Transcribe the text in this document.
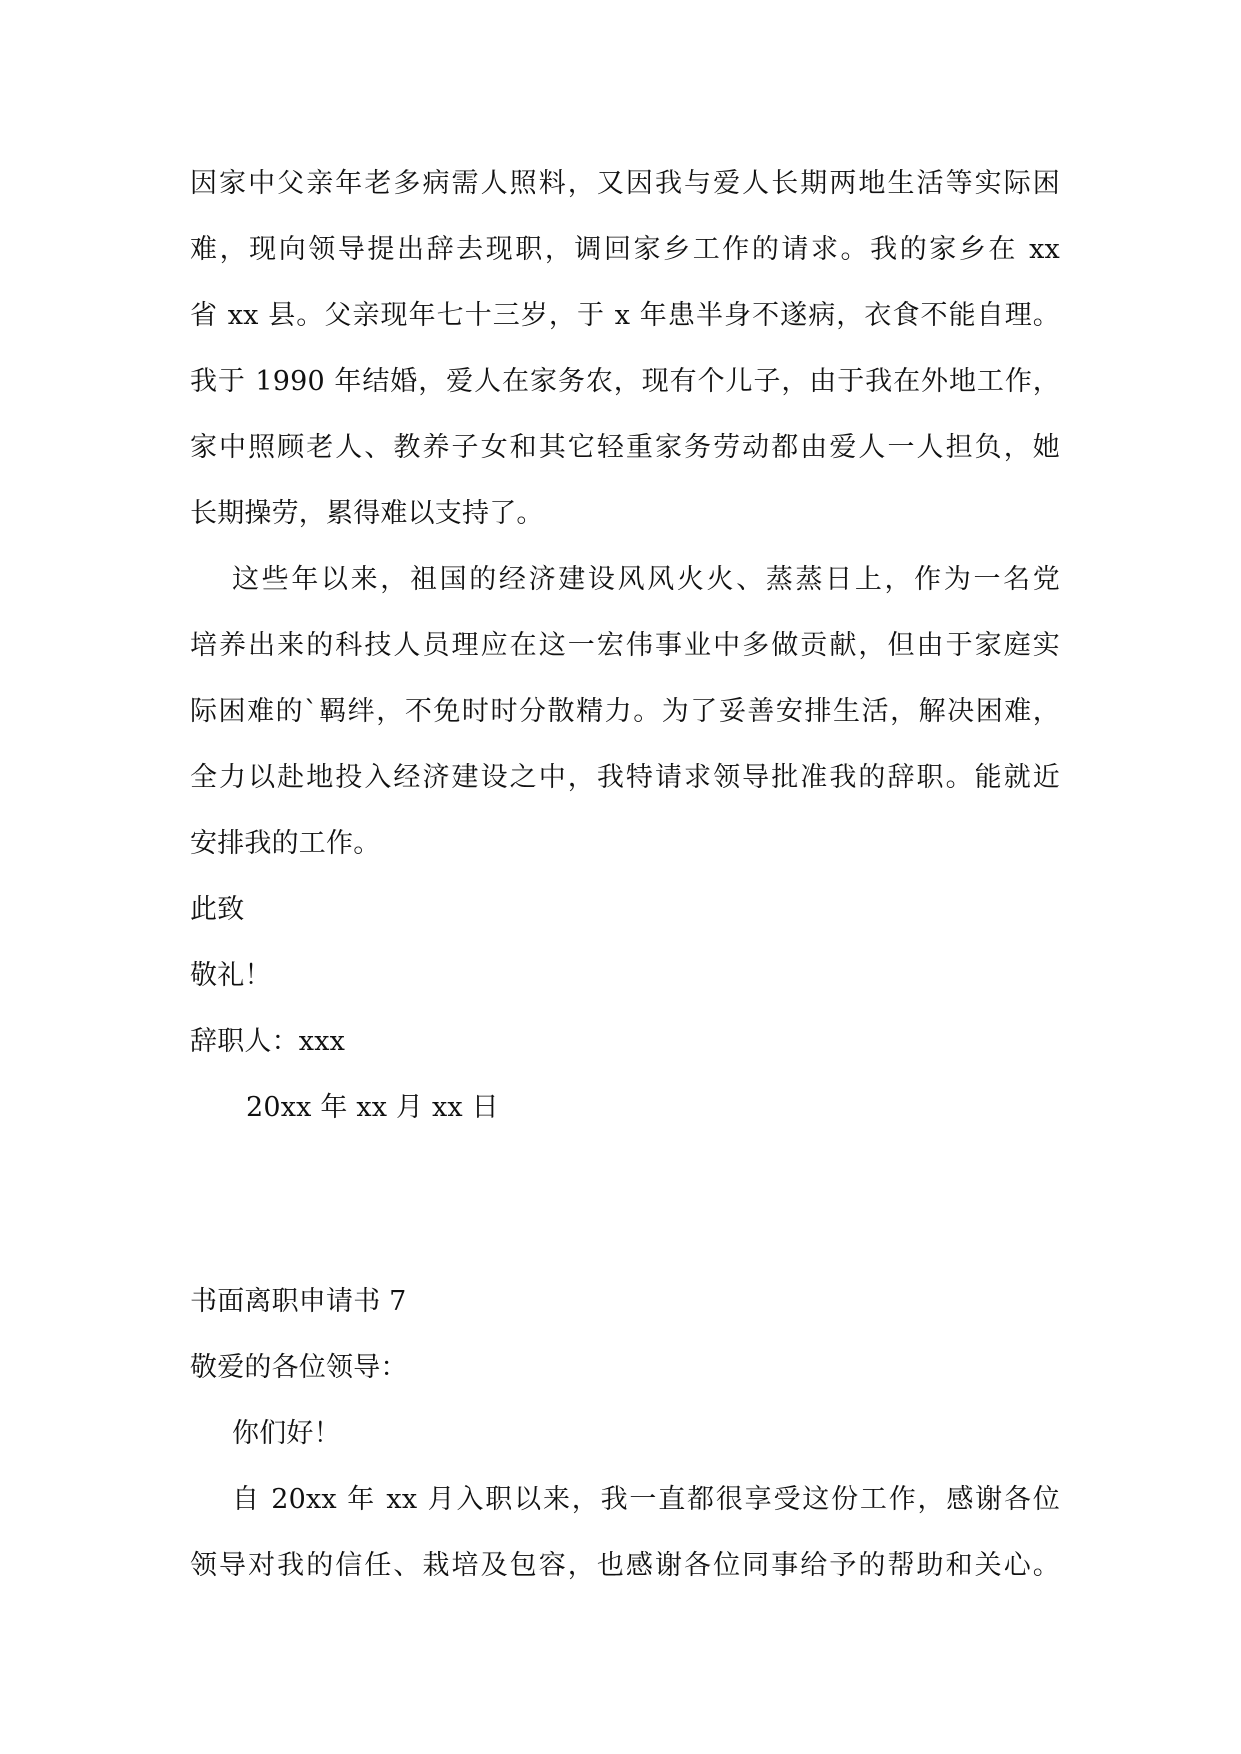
因家中父亲年老多病需人照料，又因我与爱人长期两地生活等实际困
难，现向领导提出辞去现职，调回家乡工作的请求。我的家乡在 xx
省 xx 县。父亲现年七十三岁，于 x 年患半身不遂病，衣食不能自理。
我于 1990 年结婚，爱人在家务农，现有个儿子，由于我在外地工作，
家中照顾老人、教养子女和其它轻重家务劳动都由爱人一人担负，她
长期操劳，累得难以支持了。
这些年以来，祖国的经济建设风风火火、蒸蒸日上，作为一名党
培养出来的科技人员理应在这一宏伟事业中多做贡献，但由于家庭实
际困难的`羁绊，不免时时分散精力。为了妥善安排生活，解决困难，
全力以赴地投入经济建设之中，我特请求领导批准我的辞职。能就近
安排我的工作。
此致
敬礼！
辞职人：xxx
20xx 年 xx 月 xx 日
书面离职申请书 7
敬爱的各位领导：
你们好！
自 20xx 年 xx 月入职以来，我一直都很享受这份工作，感谢各位
领导对我的信任、栽培及包容，也感谢各位同事给予的帮助和关心。
